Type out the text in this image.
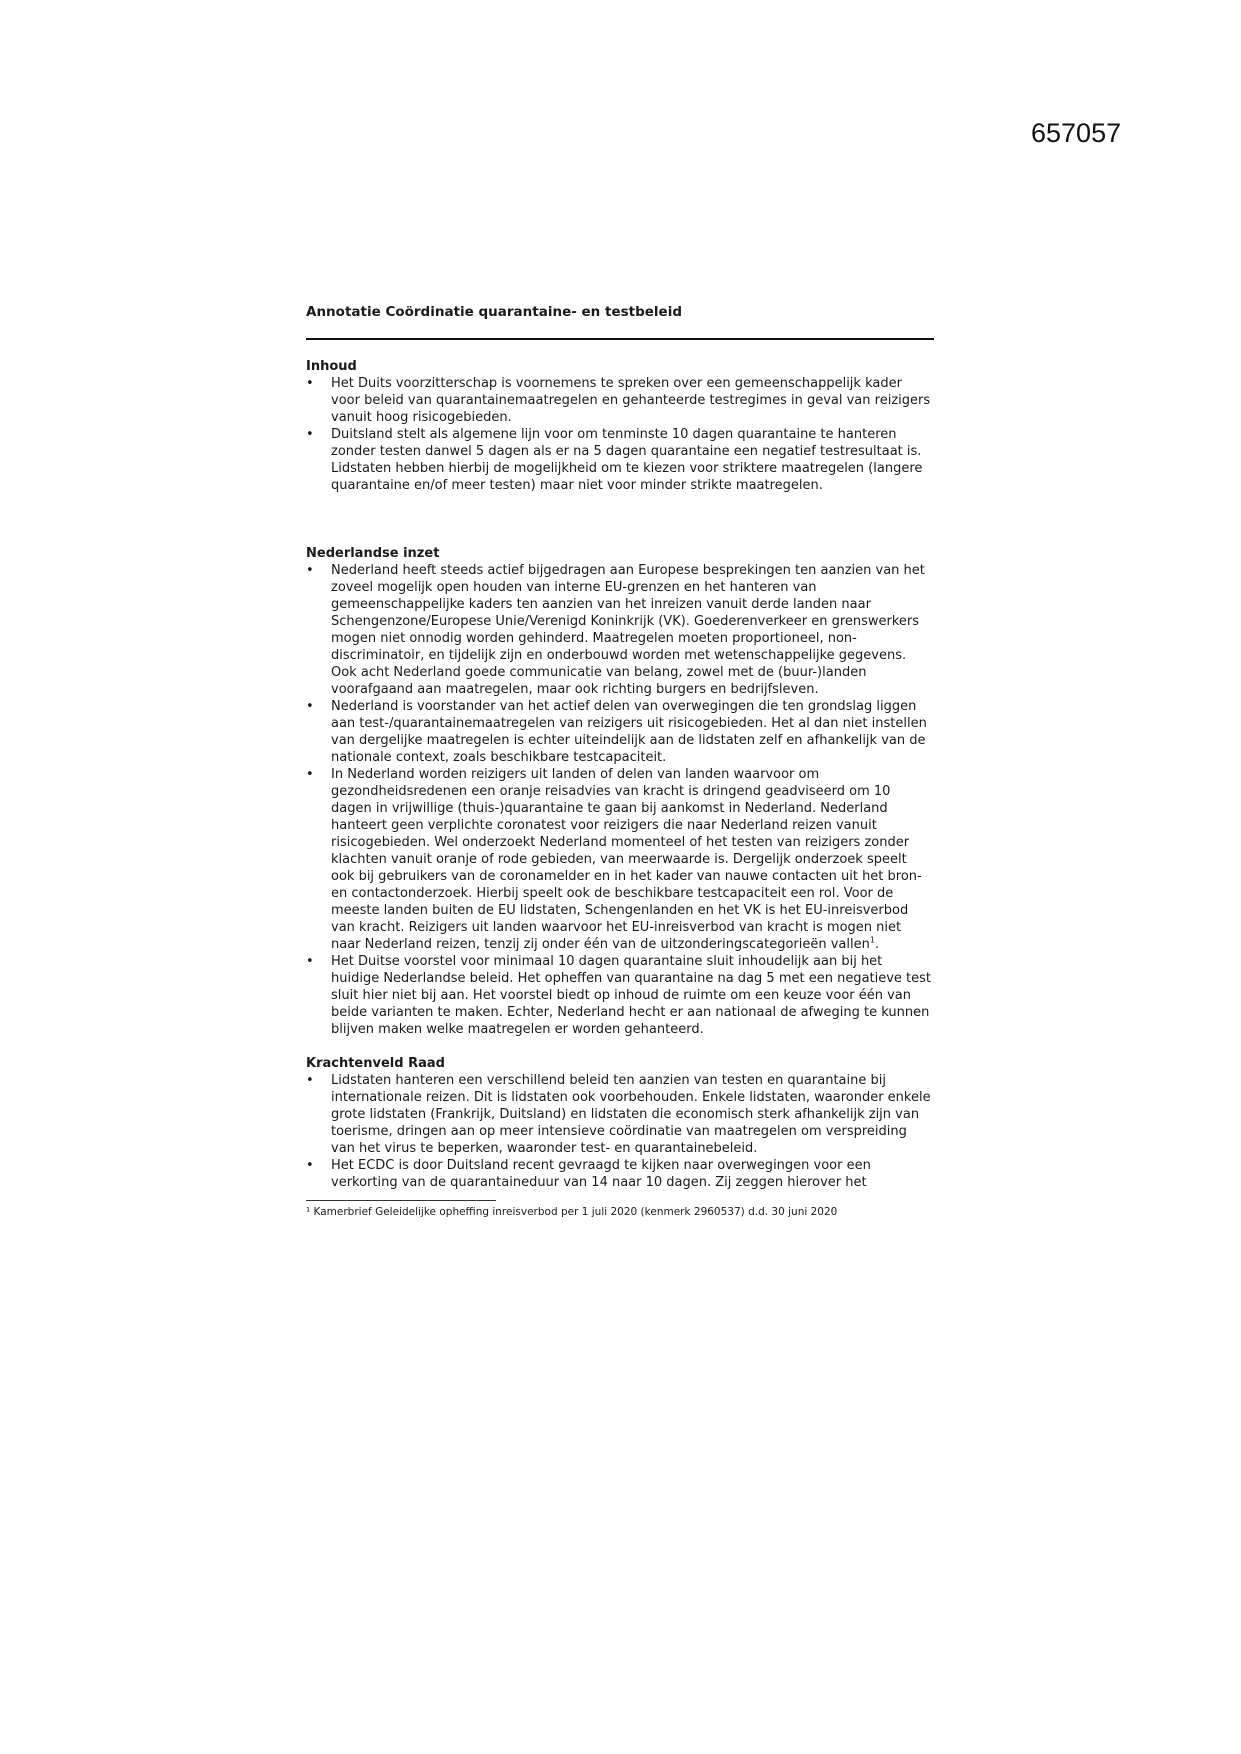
657057

Annotatie Coördinatie quarantaine- en testbeleid

Inhoud

• Het Duits voorzitterschap is voornemens te spreken over een gemeenschappelijk kader voor beleid van quarantainemaatregelen en gehanteerde testregimes in geval van reizigers vanuit hoog risicogebieden.
• Duitsland stelt als algemene lijn voor om tenminste 10 dagen quarantaine te hanteren zonder testen danwel 5 dagen als er na 5 dagen quarantaine een negatief testresultaat is. Lidstaten hebben hierbij de mogelijkheid om te kiezen voor striktere maatregelen (langere quarantaine en/of meer testen) maar niet voor minder strikte maatregelen.

Nederlandse inzet

• Nederland heeft steeds actief bijgedragen aan Europese besprekingen ten aanzien van het zoveel mogelijk open houden van interne EU-grenzen en het hanteren van gemeenschappelijke kaders ten aanzien van het inreizen vanuit derde landen naar Schengenzone/Europese Unie/Verenigd Koninkrijk (VK). Goederenverkeer en grenswerkers mogen niet onnodig worden gehinderd. Maatregelen moeten proportioneel, non-discriminatoir, en tijdelijk zijn en onderbouwd worden met wetenschappelijke gegevens. Ook acht Nederland goede communicatie van belang, zowel met de (buur-)landen voorafgaand aan maatregelen, maar ook richting burgers en bedrijfsleven.
• Nederland is voorstander van het actief delen van overwegingen die ten grondslag liggen aan test-/quarantainemaatregelen van reizigers uit risicogebieden. Het al dan niet instellen van dergelijke maatregelen is echter uiteindelijk aan de lidstaten zelf en afhankelijk van de nationale context, zoals beschikbare testcapaciteit.
• In Nederland worden reizigers uit landen of delen van landen waarvoor om gezondheidsredenen een oranje reisadvies van kracht is dringend geadviseerd om 10 dagen in vrijwillige (thuis-)quarantaine te gaan bij aankomst in Nederland. Nederland hanteert geen verplichte coronatest voor reizigers die naar Nederland reizen vanuit risicogebieden. Wel onderzoekt Nederland momenteel of het testen van reizigers zonder klachten vanuit oranje of rode gebieden, van meerwaarde is. Dergelijk onderzoek speelt ook bij gebruikers van de coronamelder en in het kader van nauwe contacten uit het bron- en contactonderzoek. Hierbij speelt ook de beschikbare testcapaciteit een rol. Voor de meeste landen buiten de EU lidstaten, Schengenlanden en het VK is het EU-inreisverbod van kracht. Reizigers uit landen waarvoor het EU-inreisverbod van kracht is mogen niet naar Nederland reizen, tenzij zij onder één van de uitzonderingscategorieën vallen$^1$.
• Het Duitse voorstel voor minimaal 10 dagen quarantaine sluit inhoudelijk aan bij het huidige Nederlandse beleid. Het opheffen van quarantaine na dag 5 met een negatieve test sluit hier niet bij aan. Het voorstel biedt op inhoud de ruimte om een keuze voor één van beide varianten te maken. Echter, Nederland hecht er aan nationaal de afweging te kunnen blijven maken welke maatregelen er worden gehanteerd.

Krachtenveld Raad

• Lidstaten hanteren een verschillend beleid ten aanzien van testen en quarantaine bij internationale reizen. Dit is lidstaten ook voorbehouden. Enkele lidstaten, waaronder enkele grote lidstaten (Frankrijk, Duitsland) en lidstaten die economisch sterk afhankelijk zijn van toerisme, dringen aan op meer intensieve coördinatie van maatregelen om verspreiding van het virus te beperken, waaronder test- en quarantainebeleid.
• Het ECDC is door Duitsland recent gevraagd te kijken naar overwegingen voor een verkorting van de quarantaineduur van 14 naar 10 dagen. Zij zeggen hierover het
¹ Kamerbrief Geleidelijke opheffing inreisverbod per 1 juli 2020 (kenmerk 2960537) d.d. 30 juni 2020
